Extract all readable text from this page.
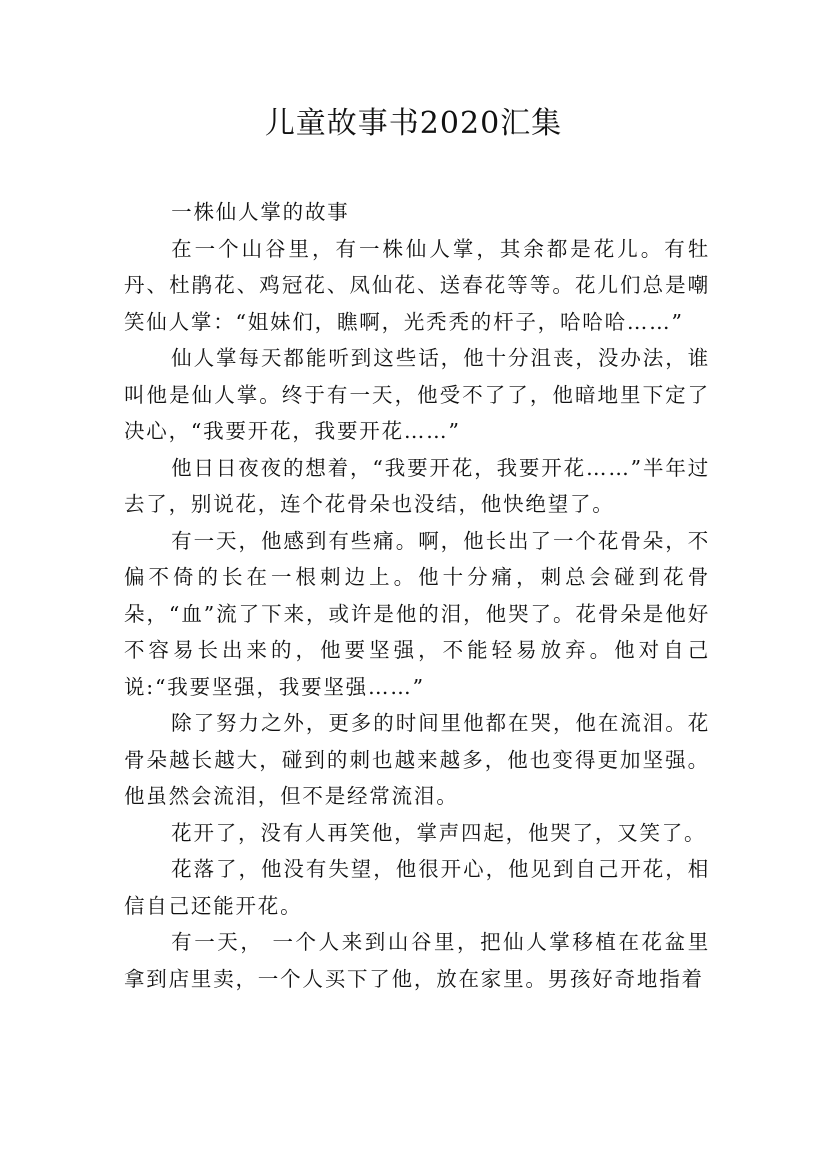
儿童故事书2020汇集

一株仙人掌的故事

在一个山谷里，有一株仙人掌，其余都是花儿。有牡丹、杜鹃花、鸡冠花、凤仙花、送春花等等。花儿们总是嘲笑仙人掌：“姐妹们，瞧啊，光秃秃的杆子，哈哈哈……”

仙人掌每天都能听到这些话，他十分沮丧，没办法，谁叫他是仙人掌。终于有一天，他受不了了，他暗地里下定了决心，“我要开花，我要开花……”

他日日夜夜的想着，“我要开花，我要开花……”半年过去了，别说花，连个花骨朵也没结，他快绝望了。

有一天，他感到有些痛。啊，他长出了一个花骨朵，不偏不倚的长在一根刺边上。他十分痛，刺总会碰到花骨朵，“血”流了下来，或许是他的泪，他哭了。花骨朵是他好不容易长出来的，他要坚强，不能轻易放弃。他对自己说:“我要坚强，我要坚强……”

除了努力之外，更多的时间里他都在哭，他在流泪。花骨朵越长越大，碰到的刺也越来越多，他也变得更加坚强。他虽然会流泪，但不是经常流泪。

花开了，没有人再笑他，掌声四起，他哭了，又笑了。

花落了，他没有失望，他很开心，他见到自己开花，相信自己还能开花。

有一天， 一个人来到山谷里，把仙人掌移植在花盆里拿到店里卖，一个人买下了他，放在家里。男孩好奇地指着
